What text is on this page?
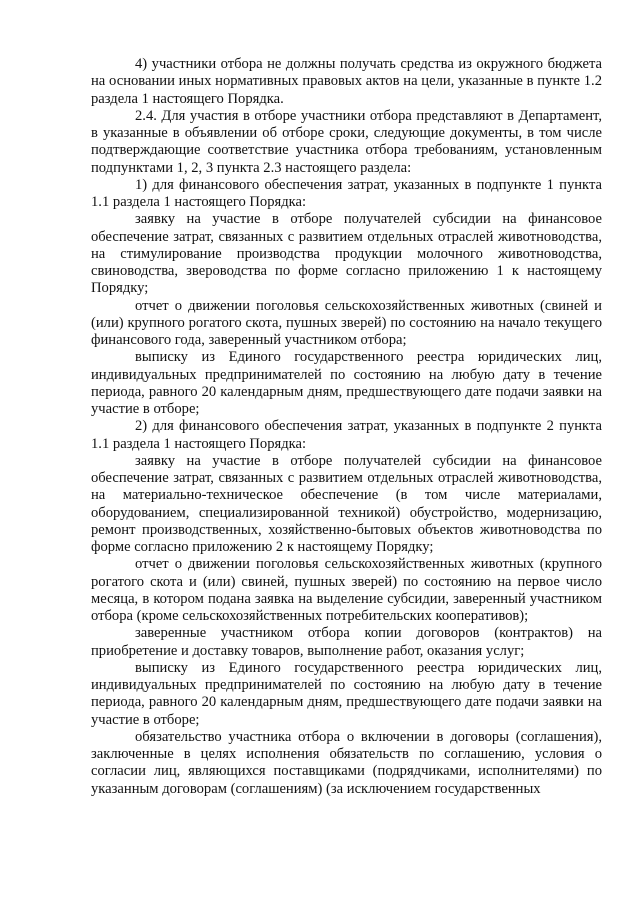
4) участники отбора не должны получать средства из окружного бюджета на основании иных нормативных правовых актов на цели, указанные в пункте 1.2 раздела 1 настоящего Порядка.

2.4. Для участия в отборе участники отбора представляют в Департамент, в указанные в объявлении об отборе сроки, следующие документы, в том числе подтверждающие соответствие участника отбора требованиям, установленным подпунктами 1, 2, 3 пункта 2.3 настоящего раздела:

1) для финансового обеспечения затрат, указанных в подпункте 1 пункта 1.1 раздела 1 настоящего Порядка:

заявку на участие в отборе получателей субсидии на финансовое обеспечение затрат, связанных с развитием отдельных отраслей животноводства, на стимулирование производства продукции молочного животноводства, свиноводства, звероводства по форме согласно приложению 1 к настоящему Порядку;

отчет о движении поголовья сельскохозяйственных животных (свиней и (или) крупного рогатого скота, пушных зверей) по состоянию на начало текущего финансового года, заверенный участником отбора;

выписку из Единого государственного реестра юридических лиц, индивидуальных предпринимателей по состоянию на любую дату в течение периода, равного 20 календарным дням, предшествующего дате подачи заявки на участие в отборе;

2) для финансового обеспечения затрат, указанных в подпункте 2 пункта 1.1 раздела 1 настоящего Порядка:

заявку на участие в отборе получателей субсидии на финансовое обеспечение затрат, связанных с развитием отдельных отраслей животноводства, на материально-техническое обеспечение (в том числе материалами, оборудованием, специализированной техникой) обустройство, модернизацию, ремонт производственных, хозяйственно-бытовых объектов животноводства по форме согласно приложению 2 к настоящему Порядку;

отчет о движении поголовья сельскохозяйственных животных (крупного рогатого скота и (или) свиней, пушных зверей) по состоянию на первое число месяца, в котором подана заявка на выделение субсидии, заверенный участником отбора (кроме сельскохозяйственных потребительских кооперативов);

заверенные участником отбора копии договоров (контрактов) на приобретение и доставку товаров, выполнение работ, оказания услуг;

выписку из Единого государственного реестра юридических лиц, индивидуальных предпринимателей по состоянию на любую дату в течение периода, равного 20 календарным дням, предшествующего дате подачи заявки на участие в отборе;

обязательство участника отбора о включении в договоры (соглашения), заключенные в целях исполнения обязательств по соглашению, условия о согласии лиц, являющихся поставщиками (подрядчиками, исполнителями) по указанным договорам (соглашениям) (за исключением государственных
